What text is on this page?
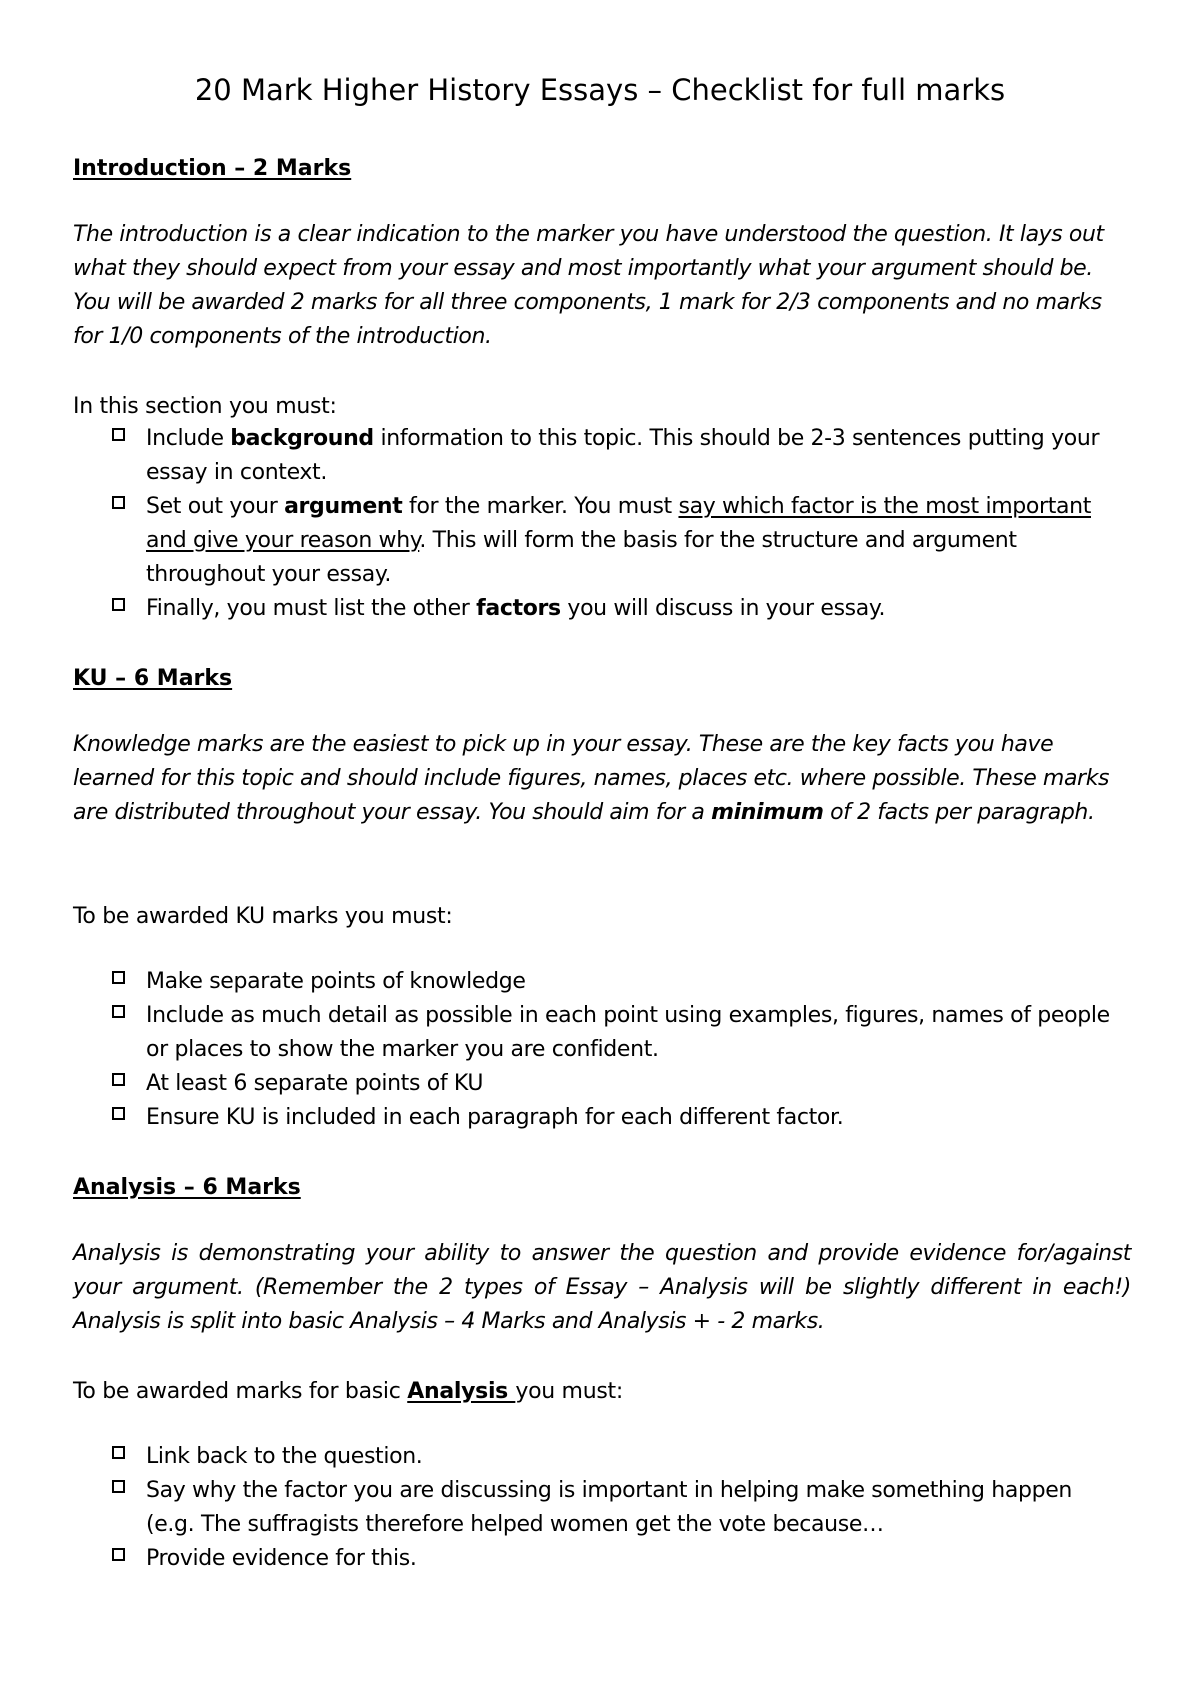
20 Mark Higher History Essays – Checklist for full marks
Introduction – 2 Marks

The introduction is a clear indication to the marker you have understood the question. It lays out what they should expect from your essay and most importantly what your argument should be. You will be awarded 2 marks for all three components, 1 mark for 2/3 components and no marks for 1/0 components of the introduction.

In this section you must:

Include background information to this topic. This should be 2-3 sentences putting your essay in context.

Set out your argument for the marker. You must say which factor is the most important and give your reason why. This will form the basis for the structure and argument throughout your essay.

Finally, you must list the other factors you will discuss in your essay.

KU – 6 Marks

Knowledge marks are the easiest to pick up in your essay. These are the key facts you have learned for this topic and should include figures, names, places etc. where possible. These marks are distributed throughout your essay. You should aim for a minimum of 2 facts per paragraph.

To be awarded KU marks you must:

Make separate points of knowledge

Include as much detail as possible in each point using examples, figures, names of people or places to show the marker you are confident.

At least 6 separate points of KU

Ensure KU is included in each paragraph for each different factor.

Analysis – 6 Marks

Analysis is demonstrating your ability to answer the question and provide evidence for/against your argument. (Remember the 2 types of Essay – Analysis will be slightly different in each!) Analysis is split into basic Analysis – 4 Marks and Analysis + - 2 marks.

To be awarded marks for basic Analysis you must:

Link back to the question.

Say why the factor you are discussing is important in helping make something happen (e.g. The suffragists therefore helped women get the vote because…

Provide evidence for this.
